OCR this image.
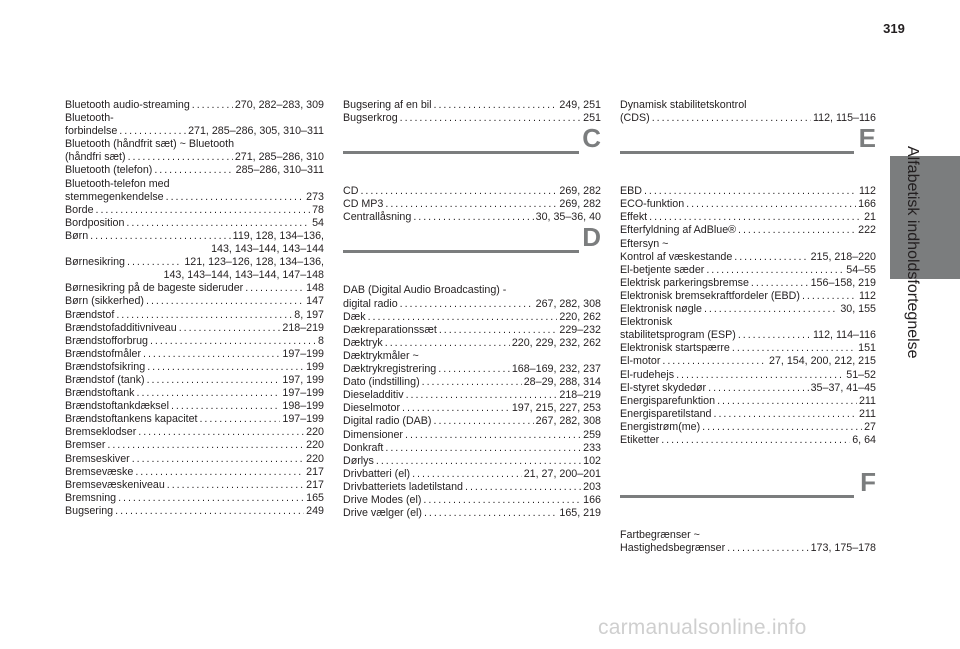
319
Alfabetisk indholdsfortegnelse
Bluetooth audio-streaming . . .	270, 282–283, 309
Bluetooth-
forbindelse . . .	271, 285–286, 305, 310–311
Bluetooth (håndfrit sæt) ~ Bluetooth
(håndfri sæt) . . .	271, 285–286, 310
Bluetooth (telefon) . . .	285–286, 310–311
Bluetooth-telefon med
stemmegenkendelse . . .	273
Borde . . .	78
Bordposition . . .	54
Børn . . .	119, 128, 134–136,
143, 143–144, 143–144
Børnesikring . . .	121, 123–126, 128, 134–136,
143, 143–144, 143–144, 147–148
Børnesikring på de bageste sideruder . . .	148
Børn (sikkerhed) . . .	147
Brændstof . . .	8, 197
Brændstofadditivniveau . . .	218–219
Brændstofforbrug . . .	8
Brændstofmåler . . .	197–199
Brændstofsikring . . .	199
Brændstof (tank) . . .	197, 199
Brændstoftank . . .	197–199
Brændstoftankdæksel . . .	198–199
Brændstoftankens kapacitet . . .	197–199
Bremseklodser . . .	220
Bremser . . .	220
Bremseskiver . . .	220
Bremsevæske . . .	217
Bremsevæskeniveau . . .	217
Bremsning . . .	165
Bugsering . . .	249
Bugsering af en bil . . .	249, 251
Bugserkrog . . .	251
C
CD . . .	269, 282
CD MP3 . . .	269, 282
Centrallåsning . . .	30, 35–36, 40
D
DAB (Digital Audio Broadcasting) -
digital radio . . .	267, 282, 308
Dæk . . .	220, 262
Dækreparationssæt . . .	229–232
Dæktryk . . .	220, 229, 232, 262
Dæktrykmåler ~
Dæktrykregistrering . . .	168–169, 232, 237
Dato (indstilling) . . .	28–29, 288, 314
Dieseladditiv . . .	218–219
Dieselmotor . . .	197, 215, 227, 253
Digital radio (DAB) . . .	267, 282, 308
Dimensioner . . .	259
Donkraft . . .	233
Dørlys . . .	102
Drivbatteri (el) . . .	21, 27, 200–201
Drivbatteriets ladetilstand . . .	203
Drive Modes (el) . . .	166
Drive vælger (el) . . .	165, 219
Dynamisk stabilitetskontrol
(CDS) . . .	112, 115–116
E
EBD . . .	112
ECO-funktion . . .	166
Effekt . . .	21
Efterfyldning af AdBlue® . . .	222
Eftersyn ~
Kontrol af væskestande . . .	215, 218–220
El-betjente sæder . . .	54–55
Elektrisk parkeringsbremse . . .	156–158, 219
Elektronisk bremsekraftfordeler (EBD) . . .	112
Elektronisk nøgle . . .	30, 155
Elektronisk
stabilitetsprogram (ESP) . . .	112, 114–116
Elektronisk startspærre . . .	151
El-motor . . .	27, 154, 200, 212, 215
El-rudehejs . . .	51–52
El-styret skydedør . . .	35–37, 41–45
Energisparefunktion . . .	211
Energisparetilstand . . .	211
Energistrøm(me) . . .	27
Etiketter . . .	6, 64
F
Fartbegrænser ~
Hastighedsbegrænser . . .	173, 175–178
carmanualsonline.info
